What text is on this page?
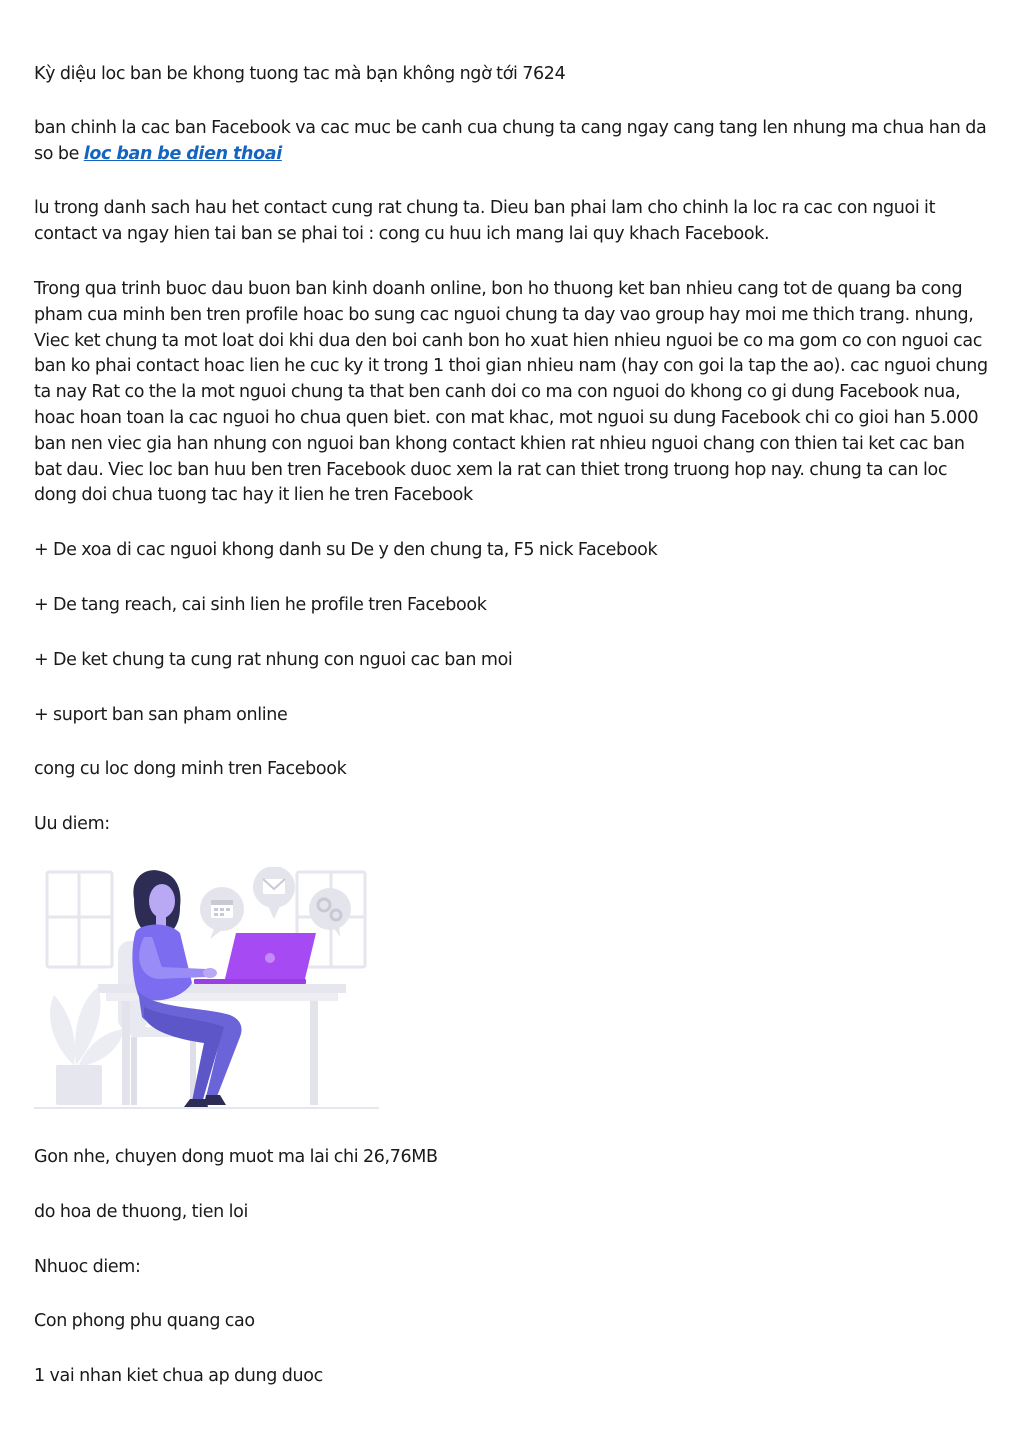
Kỳ diệu loc ban be khong tuong tac mà bạn không ngờ tới 7624

ban chinh la cac ban Facebook va cac muc be canh cua chung ta cang ngay cang tang len nhung ma chua han da so be loc ban be dien thoai

lu trong danh sach hau het contact cung rat chung ta. Dieu ban phai lam cho chinh la loc ra cac con nguoi it contact va ngay hien tai ban se phai toi : cong cu huu ich mang lai quy khach Facebook.

Trong qua trinh buoc dau buon ban kinh doanh online, bon ho thuong ket ban nhieu cang tot de quang ba cong pham cua minh ben tren profile hoac bo sung cac nguoi chung ta day vao group hay moi me thich trang. nhung, Viec ket chung ta mot loat doi khi dua den boi canh bon ho xuat hien nhieu nguoi be co ma gom co con nguoi cac ban ko phai contact hoac lien he cuc ky it trong 1 thoi gian nhieu nam (hay con goi la tap the ao). cac nguoi chung ta nay Rat co the la mot nguoi chung ta that ben canh doi co ma con nguoi do khong co gi dung Facebook nua, hoac hoan toan la cac nguoi ho chua quen biet. con mat khac, mot nguoi su dung Facebook chi co gioi han 5.000 ban nen viec gia han nhung con nguoi ban khong contact khien rat nhieu nguoi chang con thien tai ket cac ban bat dau. Viec loc ban huu ben tren Facebook duoc xem la rat can thiet trong truong hop nay. chung ta can loc dong doi chua tuong tac hay it lien he tren Facebook

+ De xoa di cac nguoi khong danh su De y den chung ta, F5 nick Facebook

+ De tang reach, cai sinh lien he profile tren Facebook

+ De ket chung ta cung rat nhung con nguoi cac ban moi

+ suport ban san pham online

cong cu loc dong minh tren Facebook

Uu diem:

Gon nhe, chuyen dong muot ma lai chi 26,76MB

do hoa de thuong, tien loi

Nhuoc diem:

Con phong phu quang cao

1 vai nhan kiet chua ap dung duoc
